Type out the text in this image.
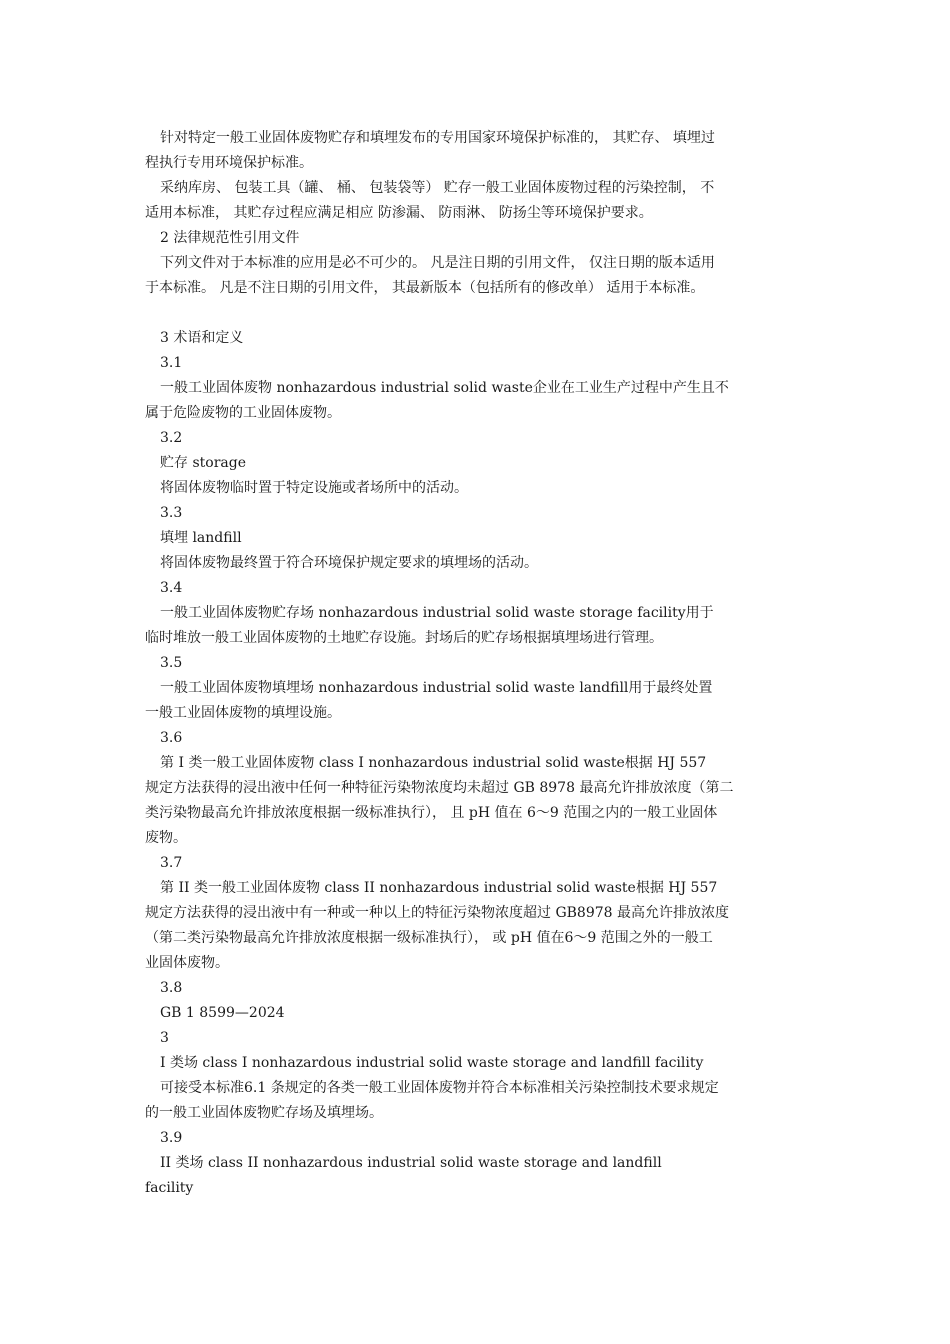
针对特定一般工业固体废物贮存和填埋发布的专用国家环境保护标准的， 其贮存、 填埋过
程执行专用环境保护标准。
采纳库房、 包装工具（罐、 桶、 包装袋等） 贮存一般工业固体废物过程的污染控制， 不
适用本标准， 其贮存过程应满足相应 防渗漏、 防雨淋、 防扬尘等环境保护要求。
2 法律规范性引用文件
下列文件对于本标准的应用是必不可少的。 凡是注日期的引用文件， 仅注日期的版本适用
于本标准。 凡是不注日期的引用文件， 其最新版本（包括所有的修改单） 适用于本标准。
3 术语和定义
3.1
一般工业固体废物 nonhazardous industrial solid waste企业在工业生产过程中产生且不
属于危险废物的工业固体废物。
3.2
贮存 storage
将固体废物临时置于特定设施或者场所中的活动。
3.3
填埋 landfill
将固体废物最终置于符合环境保护规定要求的填埋场的活动。
3.4
一般工业固体废物贮存场 nonhazardous industrial solid waste storage facility用于
临时堆放一般工业固体废物的土地贮存设施。封场后的贮存场根据填埋场进行管理。
3.5
一般工业固体废物填埋场 nonhazardous industrial solid waste landfill用于最终处置
一般工业固体废物的填埋设施。
3.6
第 I 类一般工业固体废物 class I nonhazardous industrial solid waste根据 HJ 557
规定方法获得的浸出液中任何一种特征污染物浓度均未超过 GB 8978 最高允许排放浓度（第二
类污染物最高允许排放浓度根据一级标准执行）， 且 pH 值在 6～9 范围之内的一般工业固体
废物。
3.7
第 II 类一般工业固体废物 class II nonhazardous industrial solid waste根据 HJ 557
规定方法获得的浸出液中有一种或一种以上的特征污染物浓度超过 GB8978 最高允许排放浓度
（第二类污染物最高允许排放浓度根据一级标准执行）， 或 pH 值在6～9 范围之外的一般工
业固体废物。
3.8
GB 1 8599—2024
3
I 类场 class I nonhazardous industrial solid waste storage and landfill facility
可接受本标准6.1 条规定的各类一般工业固体废物并符合本标准相关污染控制技术要求规定
的一般工业固体废物贮存场及填埋场。
3.9
II 类场 class II nonhazardous industrial solid waste storage and landfill
facility
